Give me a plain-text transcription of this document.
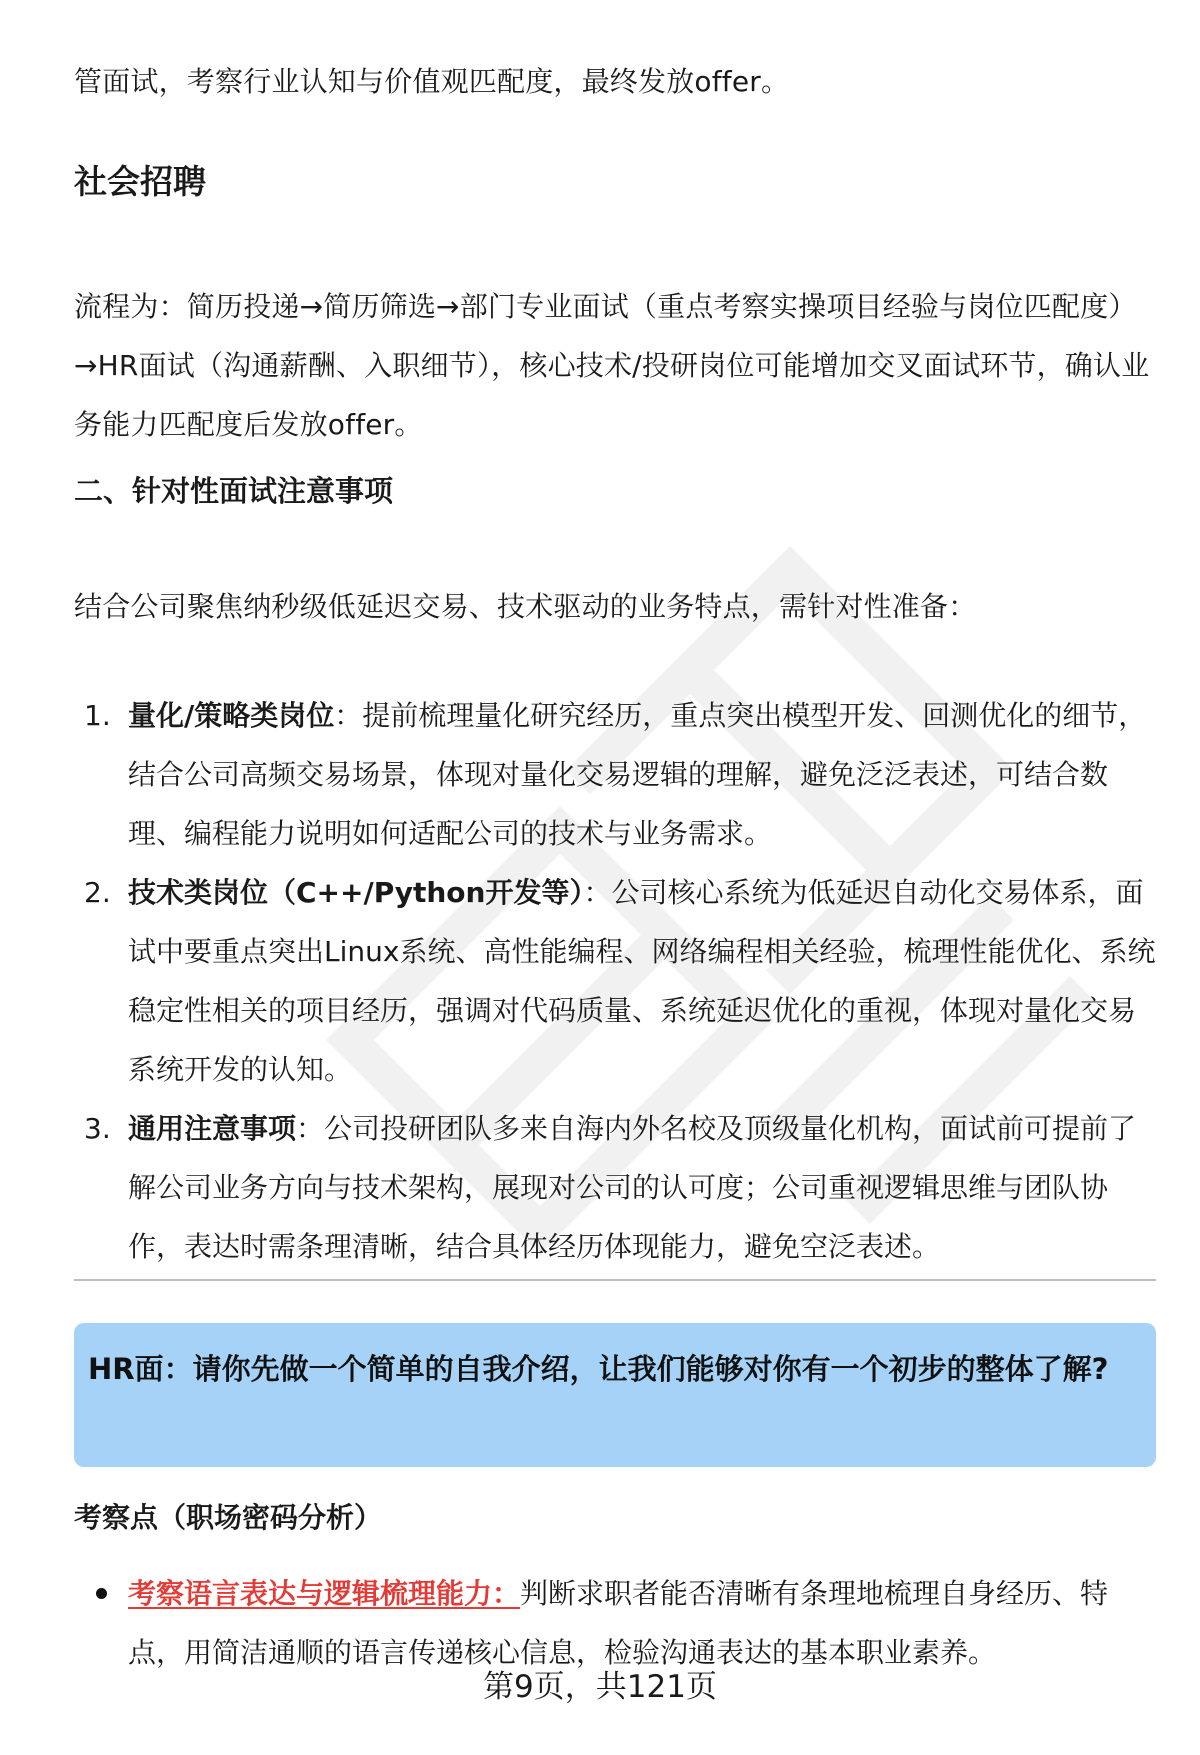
管面试，考察行业认知与价值观匹配度，最终发放offer。

社会招聘

流程为：简历投递→简历筛选→部门专业面试（重点考察实操项目经验与岗位匹配度）→HR面试（沟通薪酬、入职细节），核心技术/投研岗位可能增加交叉面试环节，确认业务能力匹配度后发放offer。

二、针对性面试注意事项

结合公司聚焦纳秒级低延迟交易、技术驱动的业务特点，需针对性准备：

1. 量化/策略类岗位：提前梳理量化研究经历，重点突出模型开发、回测优化的细节，结合公司高频交易场景，体现对量化交易逻辑的理解，避免泛泛表述，可结合数理、编程能力说明如何适配公司的技术与业务需求。
2. 技术类岗位（C++/Python开发等）：公司核心系统为低延迟自动化交易体系，面试中要重点突出Linux系统、高性能编程、网络编程相关经验，梳理性能优化、系统稳定性相关的项目经历，强调对代码质量、系统延迟优化的重视，体现对量化交易系统开发的认知。
3. 通用注意事项：公司投研团队多来自海内外名校及顶级量化机构，面试前可提前了解公司业务方向与技术架构，展现对公司的认可度；公司重视逻辑思维与团队协作，表达时需条理清晰，结合具体经历体现能力，避免空泛表述。
HR面：请你先做一个简单的自我介绍，让我们能够对你有一个初步的整体了解?
考察点（职场密码分析）
考察语言表达与逻辑梳理能力：判断求职者能否清晰有条理地梳理自身经历、特点，用简洁通顺的语言传递核心信息，检验沟通表达的基本职业素养。
第9页，共121页
